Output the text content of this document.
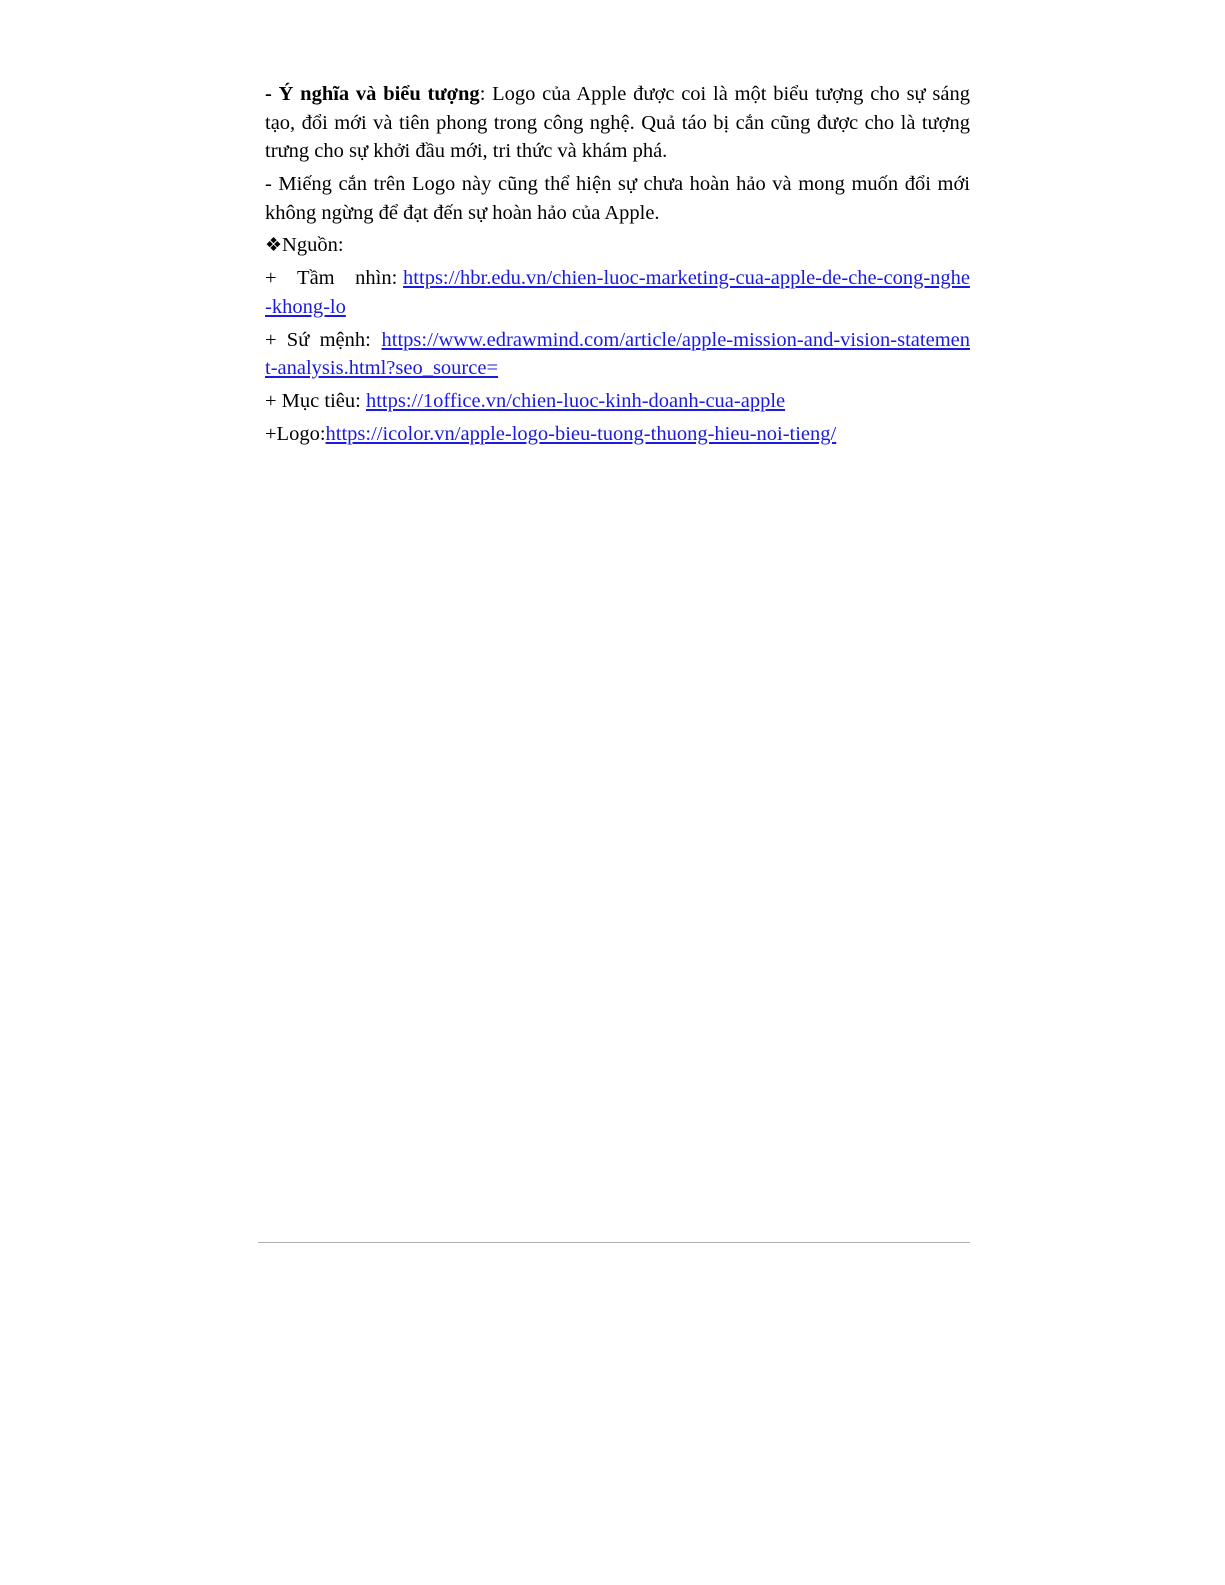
- Ý nghĩa và biểu tượng: Logo của Apple được coi là một biểu tượng cho sự sáng tạo, đổi mới và tiên phong trong công nghệ. Quả táo bị cắn cũng được cho là tượng trưng cho sự khởi đầu mới, tri thức và khám phá.

- Miếng cắn trên Logo này cũng thể hiện sự chưa hoàn hảo và mong muốn đổi mới không ngừng để đạt đến sự hoàn hảo của Apple.

❖Nguồn:

+ Tầm nhìn: https://hbr.edu.vn/chien-luoc-marketing-cua-apple-de-che-cong-nghe-khong-lo

+ Sứ mệnh: https://www.edrawmind.com/article/apple-mission-and-vision-statement-analysis.html?seo_source=

+ Mục tiêu: https://1office.vn/chien-luoc-kinh-doanh-cua-apple

+Logo:https://icolor.vn/apple-logo-bieu-tuong-thuong-hieu-noi-tieng/
